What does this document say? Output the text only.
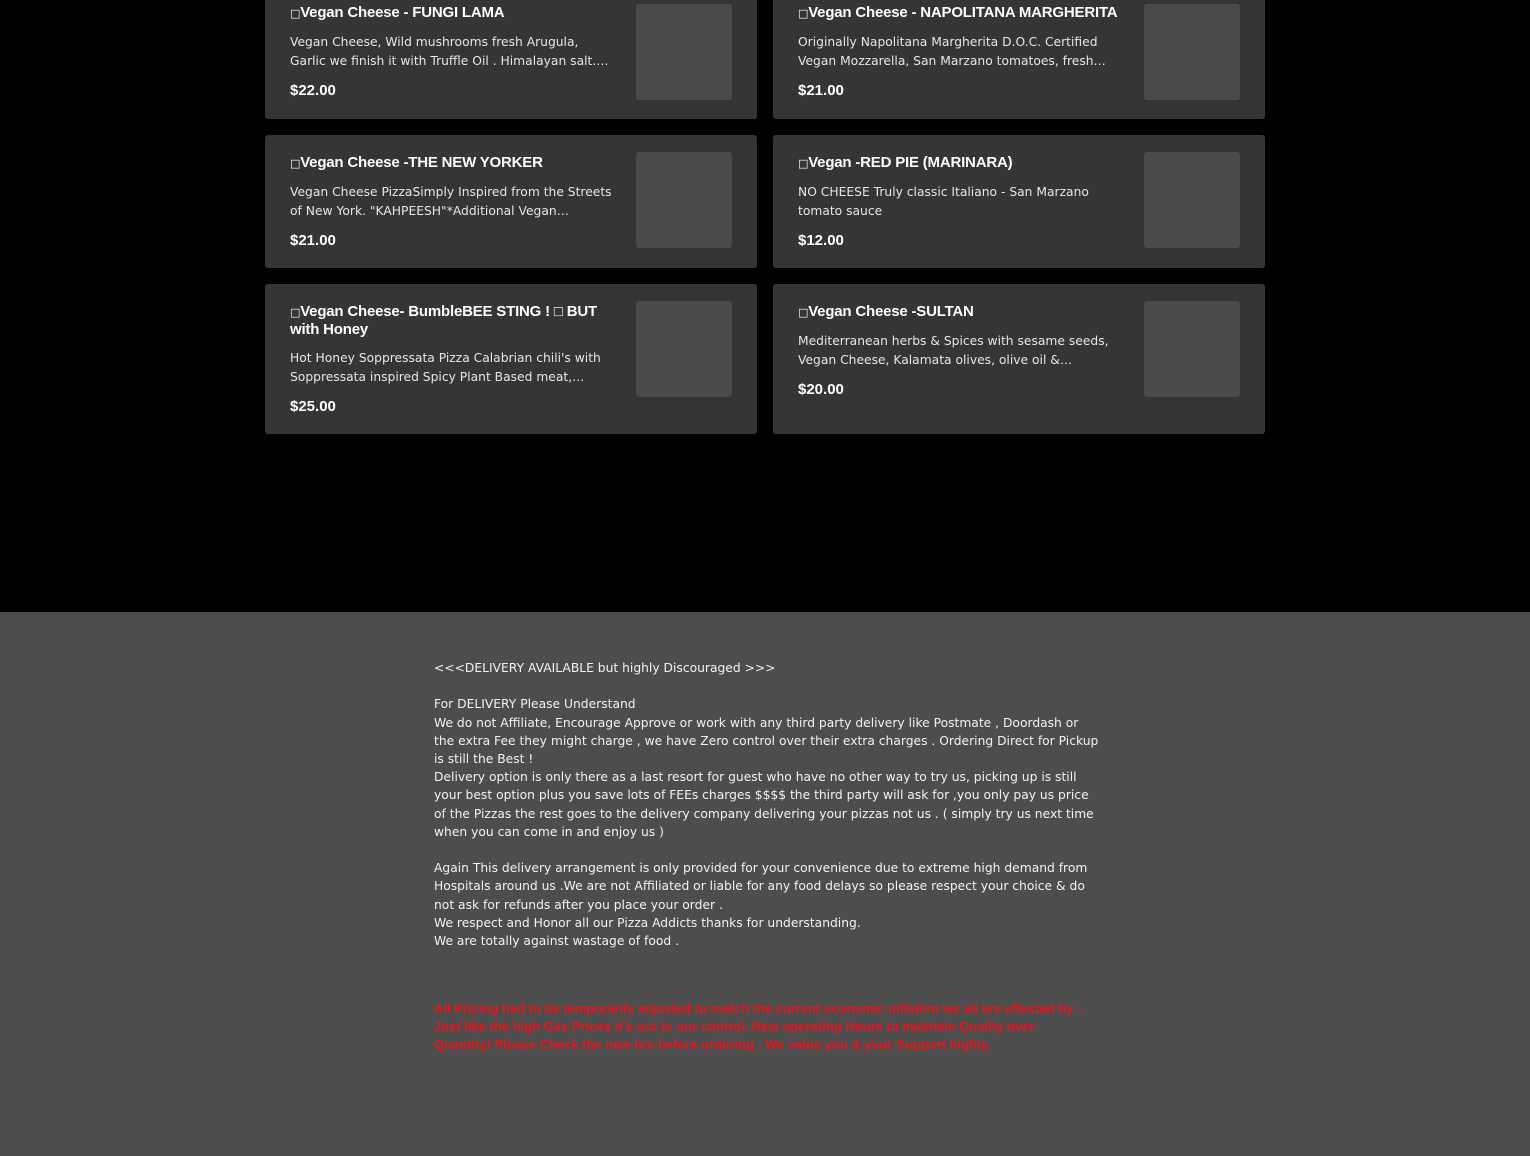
□Vegan Cheese - FUNGI LAMA
Vegan Cheese, Wild mushrooms fresh Arugula, Garlic we finish it with Truffle Oil . Himalayan salt.…
$22.00
□Vegan Cheese - NAPOLITANA MARGHERITA
Originally Napolitana Margherita D.O.C. Certified Vegan Mozzarella, San Marzano tomatoes, fresh…
$21.00
□Vegan Cheese -THE NEW YORKER
Vegan Cheese PizzaSimply Inspired from the Streets of New York. "KAHPEESH"*Additional Vegan…
$21.00
□Vegan -RED PIE (MARINARA)
NO CHEESE Truly classic Italiano - San Marzano tomato sauce
$12.00
□Vegan Cheese- BumbleBEE STING ! □ BUT with Honey
Hot Honey Soppressata Pizza Calabrian chili's with Soppressata inspired Spicy Plant Based meat,…
$25.00
□Vegan Cheese -SULTAN
Mediterranean herbs & Spices with sesame seeds, Vegan Cheese, Kalamata olives, olive oil &…
$20.00

<<<DELIVERY AVAILABLE but highly Discouraged >>>

For DELIVERY Please Understand

We do not Affiliate, Encourage Approve or work with any third party delivery like Postmate , Doordash or the extra Fee they might charge , we have Zero control over their extra charges . Ordering Direct for Pickup is still the Best !

Delivery option is only there as a last resort for guest who have no other way to try us, picking up is still your best option plus you save lots of FEEs charges $$$$ the third party will ask for ,you only pay us price of the Pizzas the rest goes to the delivery company delivering your pizzas not us . ( simply try us next time when you can come in and enjoy us )

Again This delivery arrangement is only provided for your convenience due to extreme high demand from Hospitals around us .We are not Affiliated or liable for any food delays so please respect your choice & do not ask for refunds after you place your order .

We respect and Honor all our Pizza Addicts thanks for understanding.

We are totally against wastage of food .

All Pricing had to be temporarily adjusted to match the current economic inflation we all are effected by - Just like the high Gas Prices it's out to our control. New operating Hours to maintain Quality over Quantity! Please Check the new hrs before ordering . We value you & your Support highly.
